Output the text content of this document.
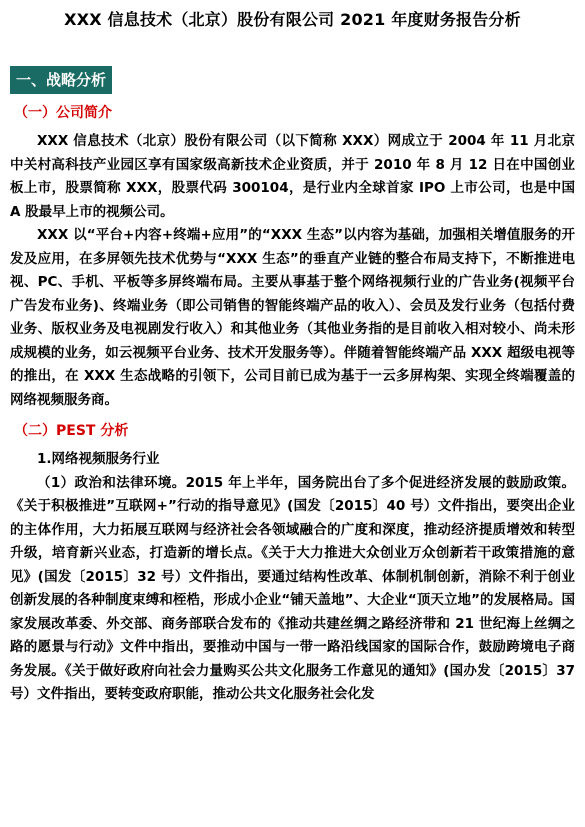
XXX 信息技术（北京）股份有限公司 2021 年度财务报告分析
一、战略分析
（一）公司简介

XXX 信息技术（北京）股份有限公司（以下简称 XXX）网成立于 2004 年 11 月北京中关村高科技产业园区享有国家级高新技术企业资质，并于 2010 年 8 月 12 日在中国创业板上市，股票简称 XXX，股票代码 300104，是行业内全球首家 IPO 上市公司，也是中国 A 股最早上市的视频公司。

XXX 以“平台+内容+终端+应用”的“XXX 生态”以内容为基础，加强相关增值服务的开发及应用，在多屏领先技术优势与“XXX 生态”的垂直产业链的整合布局支持下，不断推进电视、PC、手机、平板等多屏终端布局。主要从事基于整个网络视频行业的广告业务(视频平台广告发布业务)、终端业务（即公司销售的智能终端产品的收入）、会员及发行业务（包括付费业务、版权业务及电视剧发行收入）和其他业务（其他业务指的是目前收入相对较小、尚未形成规模的业务，如云视频平台业务、技术开发服务等）。伴随着智能终端产品 XXX 超级电视等的推出，在 XXX 生态战略的引领下，公司目前已成为基于一云多屏构架、实现全终端覆盖的网络视频服务商。

（二）PEST 分析
1.网络视频服务行业

（1）政治和法律环境。2015 年上半年，国务院出台了多个促进经济发展的鼓励政策。《关于积极推进”互联网+”行动的指导意见》(国发〔2015〕40 号）文件指出，要突出企业的主体作用，大力拓展互联网与经济社会各领域融合的广度和深度，推动经济提质增效和转型升级，培育新兴业态，打造新的增长点。《关于大力推进大众创业万众创新若干政策措施的意见》(国发〔2015〕32 号）文件指出，要通过结构性改革、体制机制创新，消除不利于创业创新发展的各种制度束缚和桎梏，形成小企业“铺天盖地”、大企业“顶天立地”的发展格局。国家发展改革委、外交部、商务部联合发布的《推动共建丝绸之路经济带和 21 世纪海上丝绸之路的愿景与行动》文件中指出，要推动中国与一带一路沿线国家的国际合作，鼓励跨境电子商务发展。《关于做好政府向社会力量购买公共文化服务工作意见的通知》(国办发〔2015〕37 号）文件指出，要转变政府职能，推动公共文化服务社会化发
